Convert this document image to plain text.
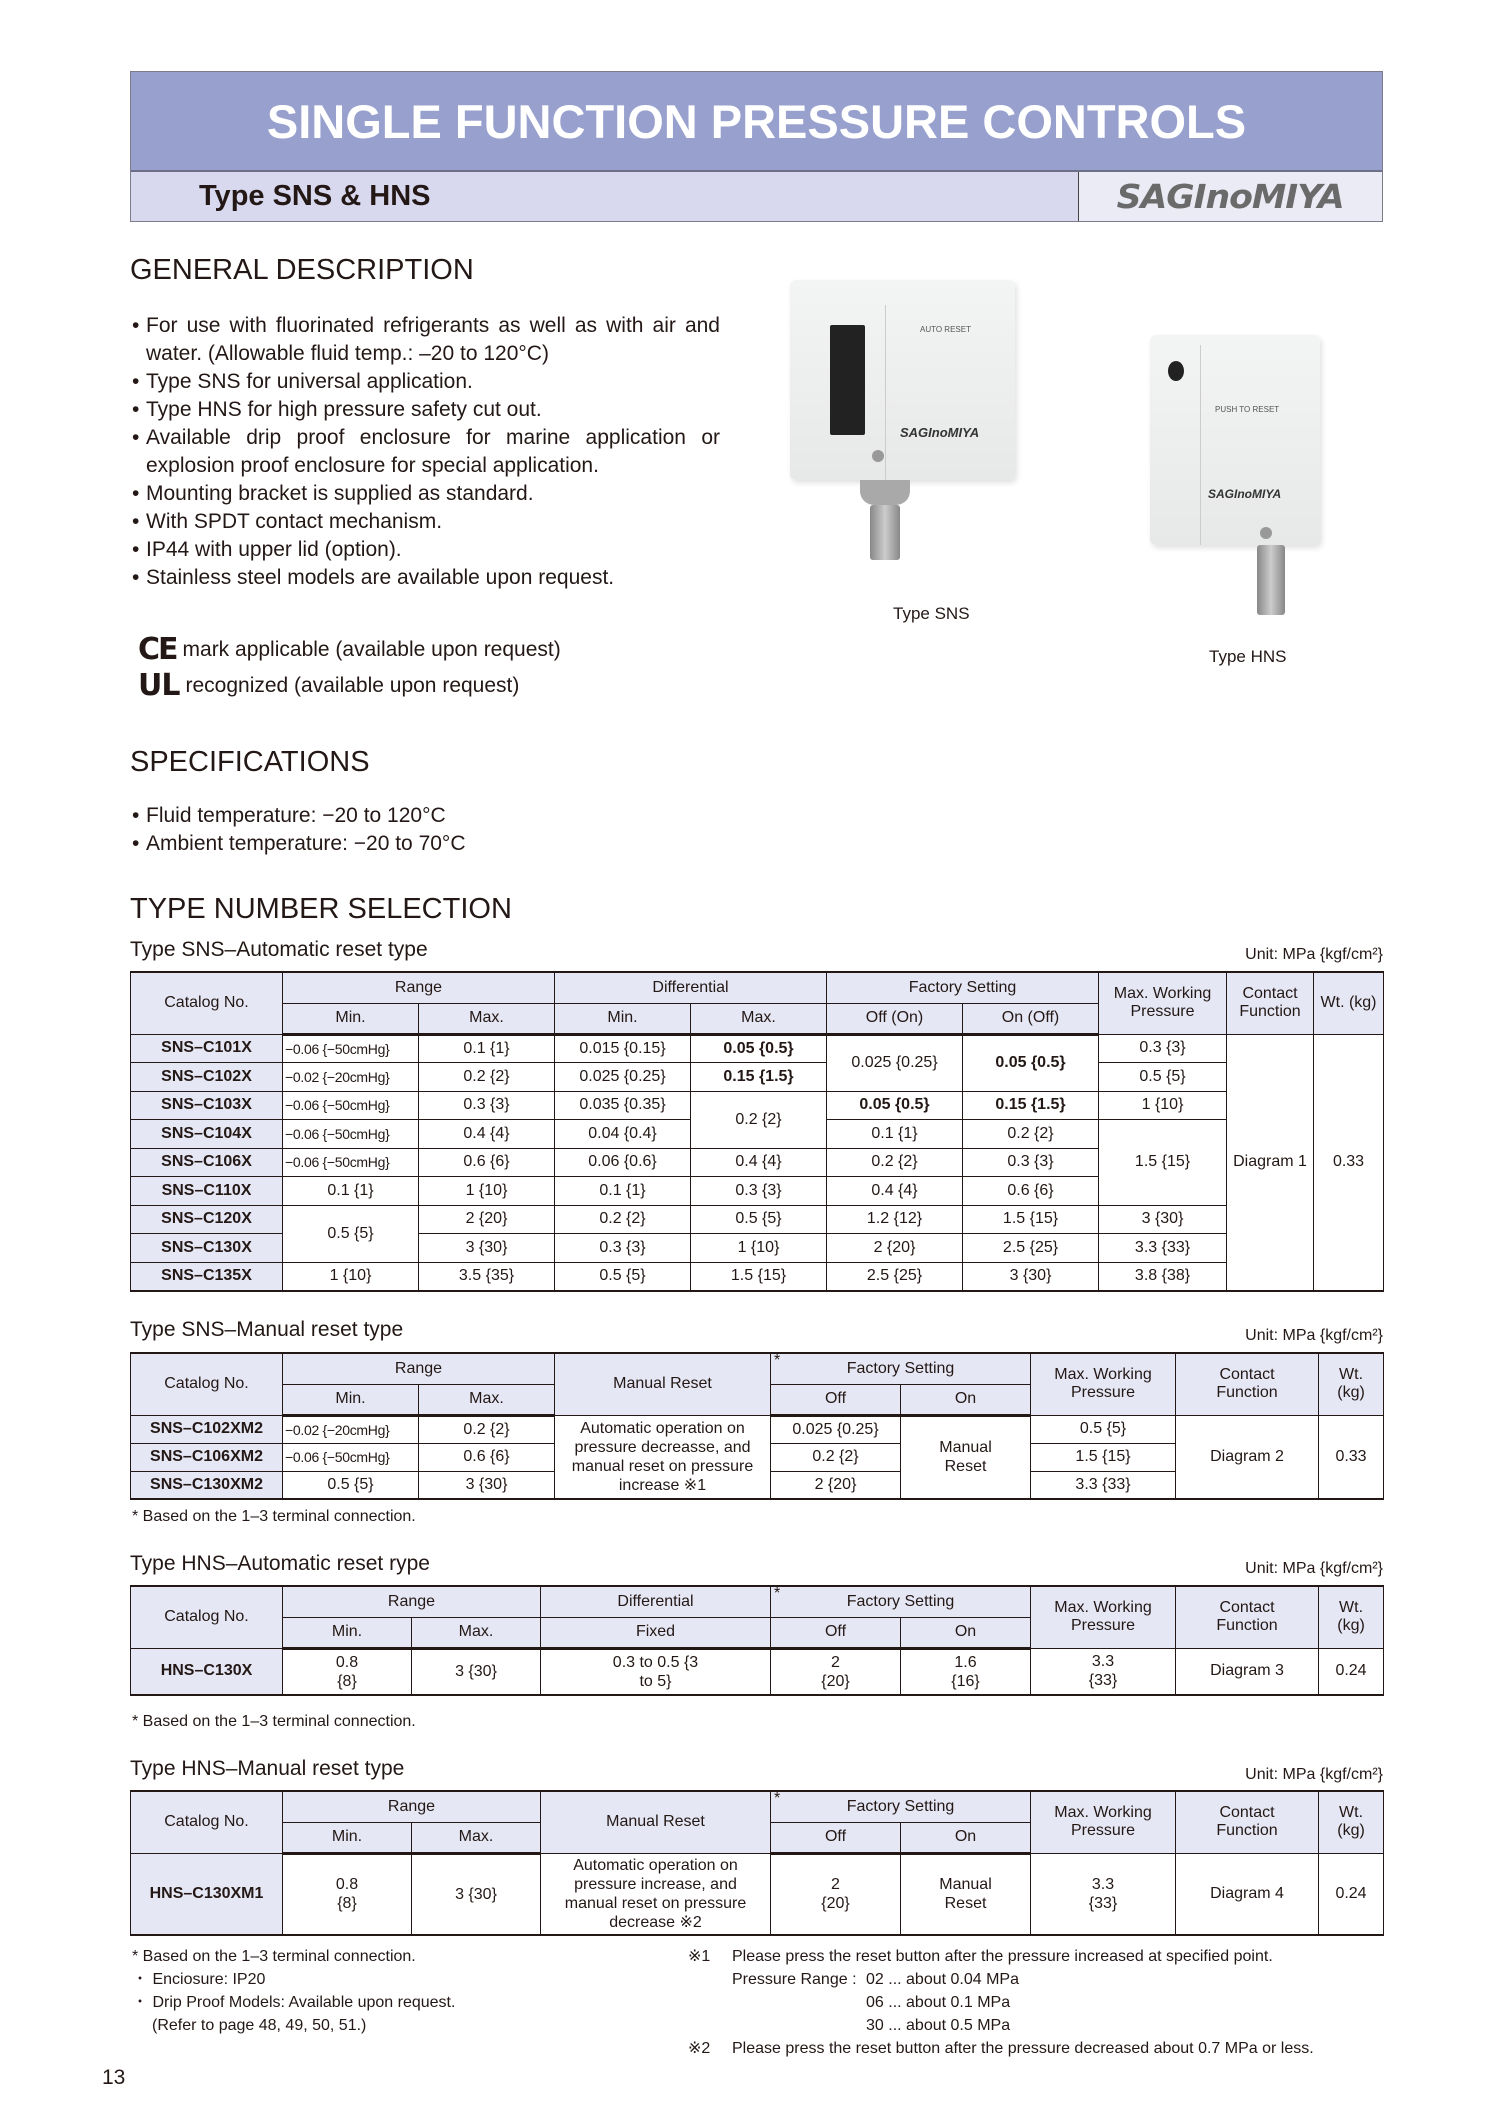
SINGLE FUNCTION PRESSURE CONTROLS
Type SNS & HNS	SAGInoMIYA
GENERAL DESCRIPTION
• For use with fluorinated refrigerants as well as with air and water. (Allowable fluid temp.: –20 to 120°C)
• Type SNS for universal application.
• Type HNS for high pressure safety cut out.
• Available drip proof enclosure for marine application or explosion proof enclosure for special application.
• Mounting bracket is supplied as standard.
• With SPDT contact mechanism.
• IP44 with upper lid (option).
• Stainless steel models are available upon request.
CE mark applicable (available upon request)
UL recognized (available upon request)
AUTO RESET
SAGInoMIYA
Type SNS
PUSH TO RESET
SAGInoMIYA
Type HNS
SPECIFICATIONS
• Fluid temperature: −20 to 120°C
• Ambient temperature: −20 to 70°C
TYPE NUMBER SELECTION
Type SNS–Automatic reset type	Unit: MPa {kgf/cm²}
Catalog No.	Range		Differential		Factory Setting		Max. Working Pressure	Contact Function	Wt. (kg)
	Min.	Max.	Min.	Max.	Off (On)	On (Off)			
SNS–C101X	−0.06 {−50cmHg}	0.1 {1}	0.015 {0.15}	0.05 {0.5}	0.025 {0.25}	0.05 {0.5}	0.3 {3}	Diagram 1	0.33
SNS–C102X	−0.02 {−20cmHg}	0.2 {2}	0.025 {0.25}	0.15 {1.5}			0.5 {5}		
SNS–C103X	−0.06 {−50cmHg}	0.3 {3}	0.035 {0.35}	0.2 {2}	0.05 {0.5}	0.15 {1.5}	1 {10}		
SNS–C104X	−0.06 {−50cmHg}	0.4 {4}	0.04 {0.4}		0.1 {1}	0.2 {2}	1.5 {15}		
SNS–C106X	−0.06 {−50cmHg}	0.6 {6}	0.06 {0.6}	0.4 {4}	0.2 {2}	0.3 {3}			
SNS–C110X	0.1 {1}	1 {10}	0.1 {1}	0.3 {3}	0.4 {4}	0.6 {6}			
SNS–C120X	0.5 {5}	2 {20}	0.2 {2}	0.5 {5}	1.2 {12}	1.5 {15}	3 {30}		
SNS–C130X		3 {30}	0.3 {3}	1 {10}	2 {20}	2.5 {25}	3.3 {33}		
SNS–C135X	1 {10}	3.5 {35}	0.5 {5}	1.5 {15}	2.5 {25}	3 {30}	3.8 {38}		
Type SNS–Manual reset type	Unit: MPa {kgf/cm²}
Catalog No.	Range		Manual Reset	* Factory Setting		Max. Working Pressure	Contact Function	Wt. (kg)
	Min.	Max.		Off	On			
SNS–C102XM2	−0.02 {−20cmHg}	0.2 {2}	Automatic operation on pressure decreasse, and manual reset on pressure increase ※1	0.025 {0.25}	Manual Reset	0.5 {5}	Diagram 2	0.33
SNS–C106XM2	−0.06 {−50cmHg}	0.6 {6}		0.2 {2}		1.5 {15}		
SNS–C130XM2	0.5 {5}	3 {30}		2 {20}		3.3 {33}		
* Based on the 1–3 terminal connection.
Type HNS–Automatic reset rype	Unit: MPa {kgf/cm²}
Catalog No.	Range		Differential	* Factory Setting		Max. Working Pressure	Contact Function	Wt. (kg)
	Min.	Max.	Fixed	Off	On			
HNS–C130X	0.8 {8}	3 {30}	0.3 to 0.5 {3 to 5}	2 {20}	1.6 {16}	3.3 {33}	Diagram 3	0.24
* Based on the 1–3 terminal connection.
Type HNS–Manual reset type	Unit: MPa {kgf/cm²}
Catalog No.	Range		Manual Reset	* Factory Setting		Max. Working Pressure	Contact Function	Wt. (kg)
	Min.	Max.		Off	On			
HNS–C130XM1	0.8 {8}	3 {30}	Automatic operation on pressure increase, and manual reset on pressure decrease ※2	2 {20}	Manual Reset	3.3 {33}	Diagram 4	0.24
* Based on the 1–3 terminal connection.
・ Enciosure: IP20
・ Drip Proof Models: Available upon request.
(Refer to page 48, 49, 50, 51.)
※1	Please press the reset button after the pressure increased at specified point.
Pressure Range : 02 ... about 0.04 MPa
06 ... about 0.1 MPa
30 ... about 0.5 MPa
※2	Please press the reset button after the pressure decreased about 0.7 MPa or less.
13
